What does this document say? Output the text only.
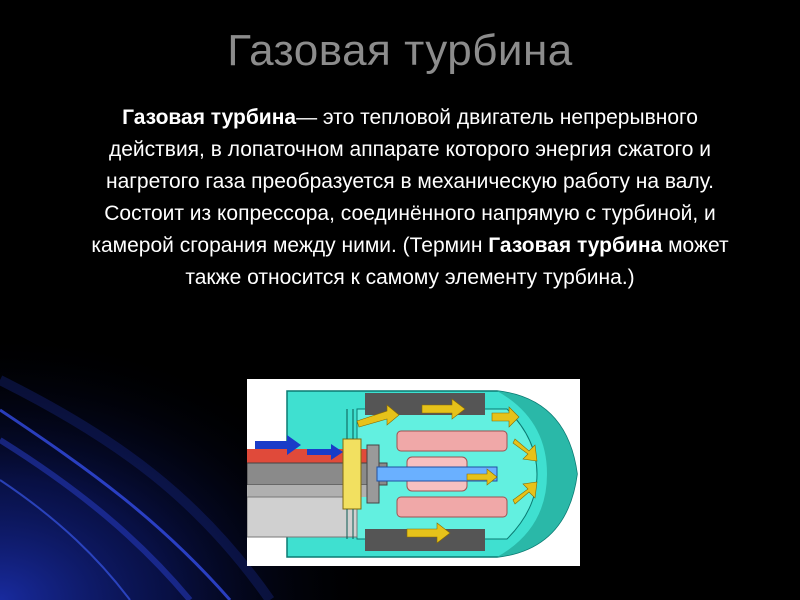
Газовая турбина
Газовая турбина— это тепловой двигатель непрерывного действия, в лопаточном аппарате которого энергия сжатого и нагретого газа преобразуется в механическую работу на валу. Состоит из копрессора, соединённого напрямую с турбиной, и камерой сгорания между ними. (Термин Газовая турбина может также относится к самому элементу турбина.)
